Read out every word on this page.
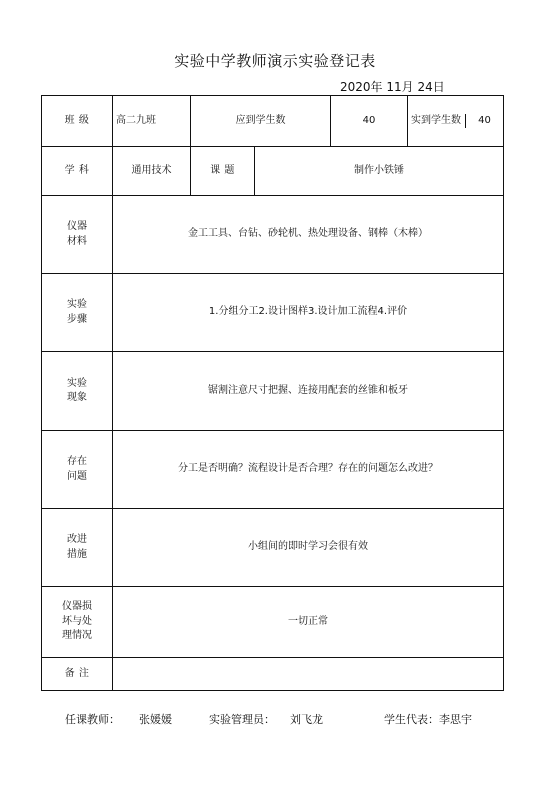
实验中学教师演示实验登记表
2020年 11月 24日
班 级	高二九班	应到学生数		40	实到学生数 40

学 科	通用技术	课 题	制作小铁锤		
仪器
材料	金工工具、台钻、砂轮机、热处理设备、钢棒（木棒）				
实验
步骤	1.分组分工2.设计图样3.设计加工流程4.评价				
实验
现象	锯割注意尺寸把握、连接用配套的丝锥和板牙				
存在
问题	分工是否明确？流程设计是否合理？存在的问题怎么改进？				
改进
措施	小组间的即时学习会很有效				
仪器损
坏与处
理情况	一切正常				
备 注					
任课教师： 张媛媛	实验管理员： 刘飞龙	学生代表：李思宇
